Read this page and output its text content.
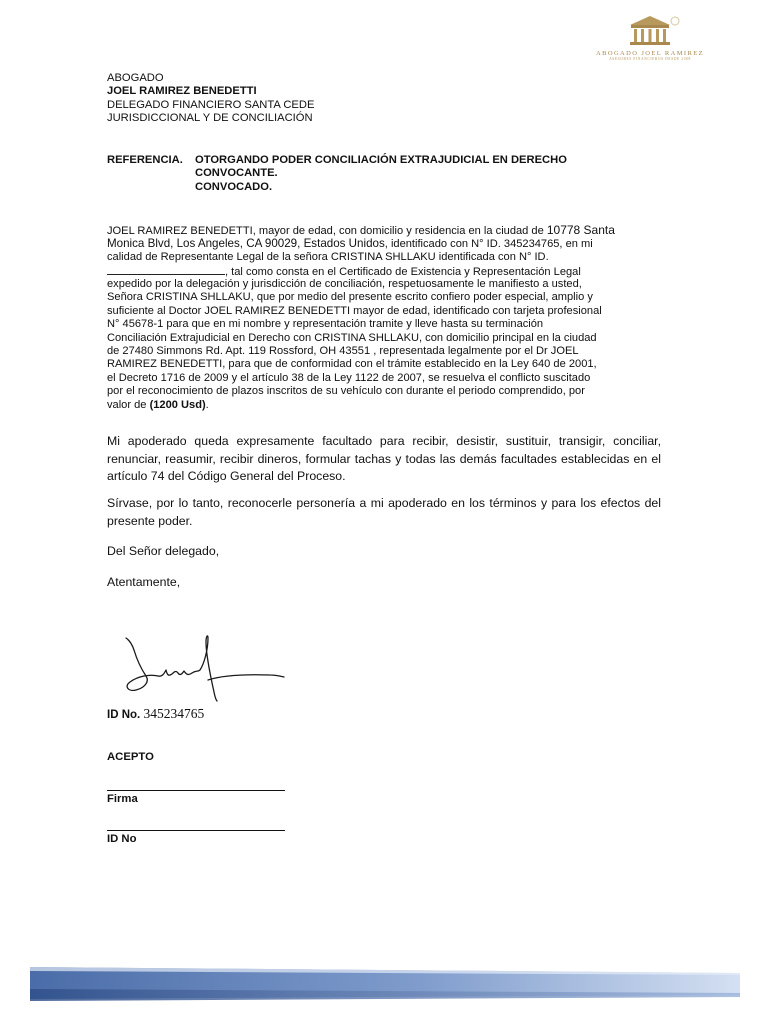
ABOGADO JOEL RAMIREZ
ASESORES FINANCIEROS DESDE 2008
ABOGADO
JOEL RAMIREZ BENEDETTI
DELEGADO FINANCIERO SANTA CEDE
JURISDICCIONAL Y DE CONCILIACIÓN
REFERENCIA. OTORGANDO PODER CONCILIACIÓN EXTRAJUDICIAL EN DERECHO
CONVOCANTE.
CONVOCADO.
JOEL RAMIREZ BENEDETTI, mayor de edad, con domicilio y residencia en la ciudad de 10778 Santa
Monica Blvd, Los Angeles, CA 90029, Estados Unidos, identificado con N° ID. 345234765, en mi
calidad de Representante Legal de la señora CRISTINA SHLLAKU identificada con N° ID.
, tal como consta en el Certificado de Existencia y Representación Legal
expedido por la delegación y jurisdicción de conciliación, respetuosamente le manifiesto a usted,
Señora CRISTINA SHLLAKU, que por medio del presente escrito confiero poder especial, amplio y
suficiente al Doctor JOEL RAMIREZ BENEDETTI mayor de edad, identificado con tarjeta profesional
N° 45678-1 para que en mi nombre y representación tramite y lleve hasta su terminación
Conciliación Extrajudicial en Derecho con CRISTINA SHLLAKU, con domicilio principal en la ciudad
de 27480 Simmons Rd. Apt. 119 Rossford, OH 43551 , representada legalmente por el Dr JOEL
RAMIREZ BENEDETTI, para que de conformidad con el trámite establecido en la Ley 640 de 2001,
el Decreto 1716 de 2009 y el artículo 38 de la Ley 1122 de 2007, se resuelva el conflicto suscitado
por el reconocimiento de plazos inscritos de su vehículo con durante el periodo comprendido, por
valor de (1200 Usd).
Mi apoderado queda expresamente facultado para recibir, desistir, sustituir, transigir, conciliar, renunciar, reasumir, recibir dineros, formular tachas y todas las demás facultades establecidas en el artículo 74 del Código General del Proceso.
Sírvase, por lo tanto, reconocerle personería a mi apoderado en los términos y para los efectos del presente poder.
Del Señor delegado,
Atentamente,
ID No. 345234765
ACEPTO
Firma
ID No
